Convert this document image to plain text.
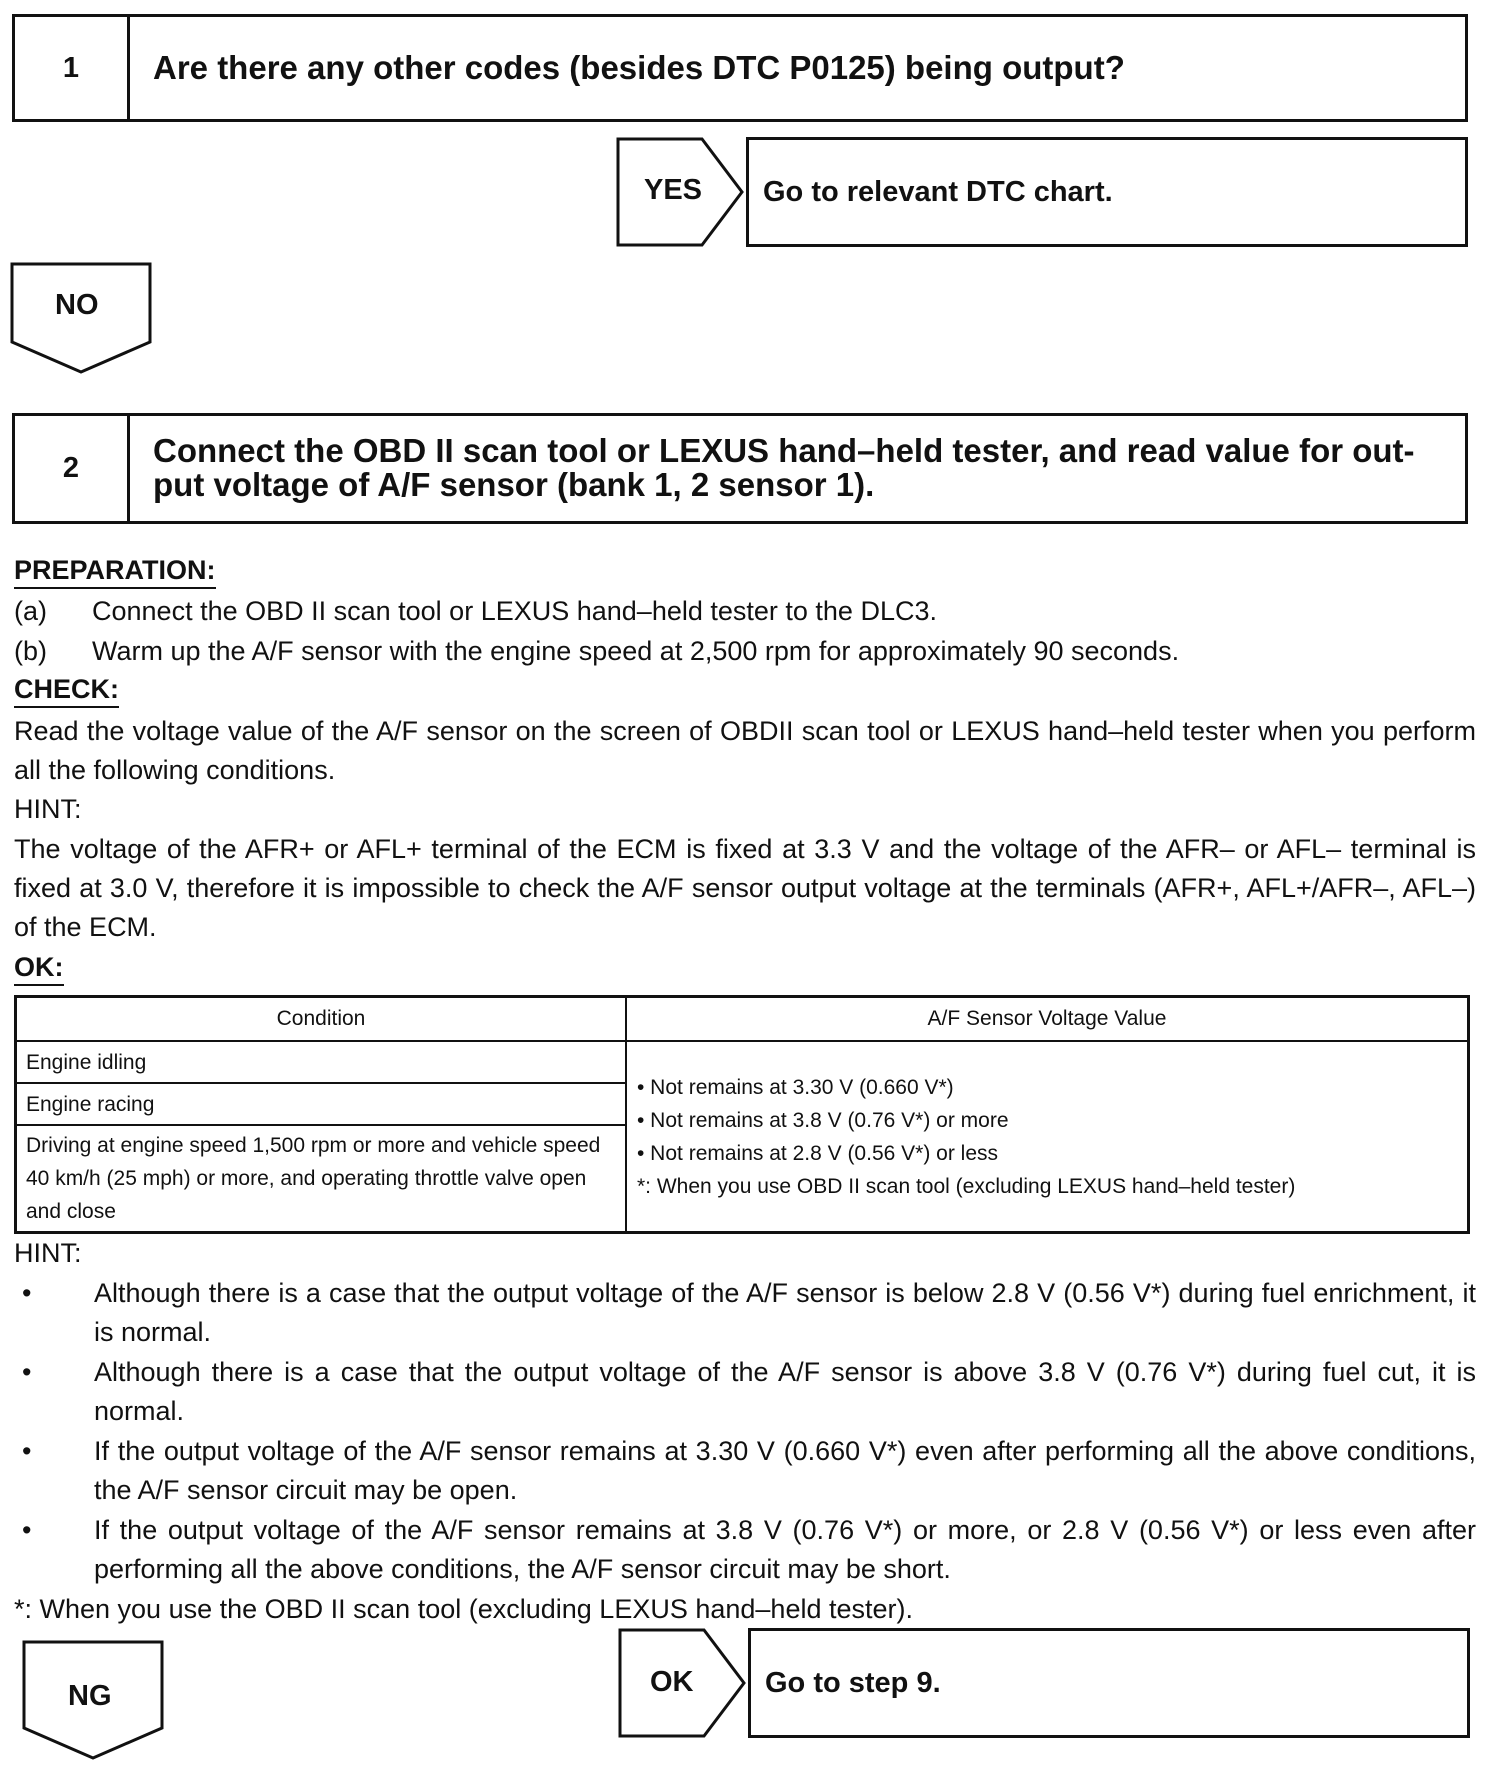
1	Are there any other codes (besides DTC P0125) being output?
YES Go to relevant DTC chart.
NO
2	Connect the OBD II scan tool or LEXUS hand–held tester, and read value for out-
put voltage of A/F sensor (bank 1, 2 sensor 1).
PREPARATION:
(a) Connect the OBD II scan tool or LEXUS hand–held tester to the DLC3.
(b) Warm up the A/F sensor with the engine speed at 2,500 rpm for approximately 90 seconds.
CHECK:
Read the voltage value of the A/F sensor on the screen of OBDII scan tool or LEXUS hand–held tester when you perform all the following conditions.
HINT:
The voltage of the AFR+ or AFL+ terminal of the ECM is fixed at 3.3 V and the voltage of the AFR– or AFL– terminal is fixed at 3.0 V, therefore it is impossible to check the A/F sensor output voltage at the terminals (AFR+, AFL+/AFR–, AFL–) of the ECM.
OK:
Condition	A/F Sensor Voltage Value
Engine idling	• Not remains at 3.30 V (0.660 V*)
• Not remains at 3.8 V (0.76 V*) or more
• Not remains at 2.8 V (0.56 V*) or less
*: When you use OBD II scan tool (excluding LEXUS hand–held tester)

Engine racing	
Driving at engine speed 1,500 rpm or more and vehicle speed 40 km/h (25 mph) or more, and operating throttle valve open and close	
HINT:
•	Although there is a case that the output voltage of the A/F sensor is below 2.8 V (0.56 V*) during fuel enrichment, it is normal.
•	Although there is a case that the output voltage of the A/F sensor is above 3.8 V (0.76 V*) during fuel cut, it is normal.
•	If the output voltage of the A/F sensor remains at 3.30 V (0.660 V*) even after performing all the above conditions, the A/F sensor circuit may be open.
•	If the output voltage of the A/F sensor remains at 3.8 V (0.76 V*) or more, or 2.8 V (0.56 V*) or less even after performing all the above conditions, the A/F sensor circuit may be short.
*: When you use the OBD II scan tool (excluding LEXUS hand–held tester).
NG	OK Go to step 9.
